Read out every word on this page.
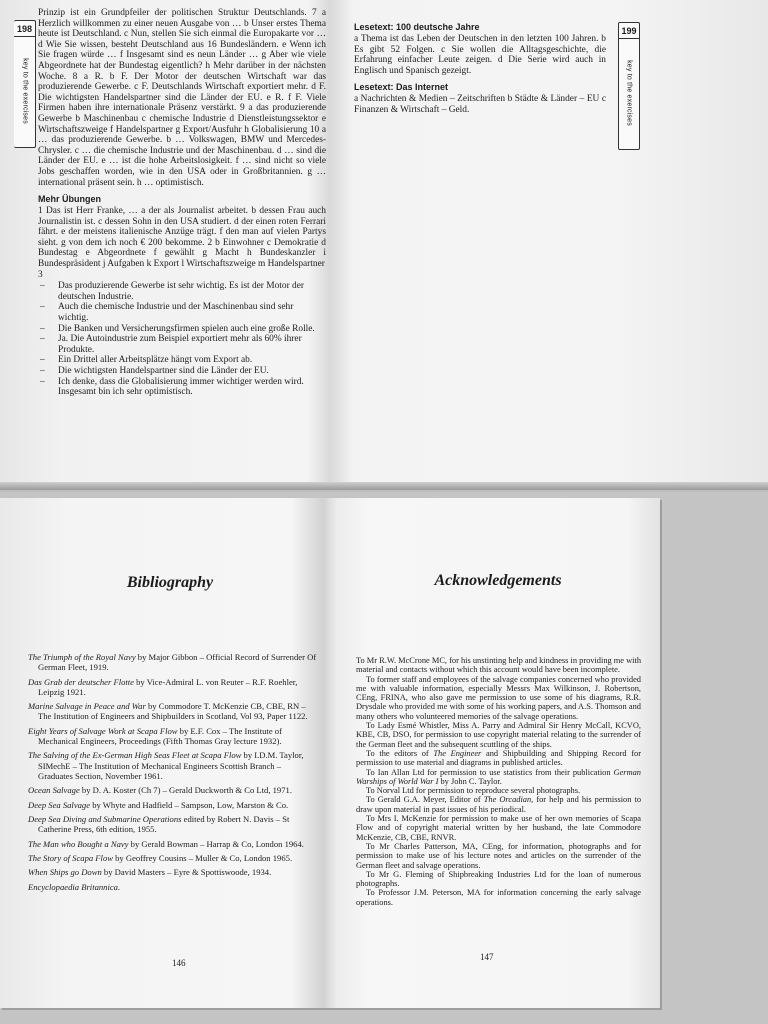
198
key to the exercises

Prinzip ist ein Grundpfeiler der politischen Struktur Deutschlands. 7 a Herzlich willkommen zu einer neuen Ausgabe von … b Unser erstes Thema heute ist Deutschland. c Nun, stellen Sie sich einmal die Europakarte vor … d Wie Sie wissen, besteht Deutschland aus 16 Bundesländern. e Wenn ich Sie fragen würde … f Insgesamt sind es neun Länder … g Aber wie viele Abgeordnete hat der Bundestag eigentlich? h Mehr darüber in der nächsten Woche. 8 a R. b F. Der Motor der deutschen Wirtschaft war das produzierende Gewerbe. c F. Deutschlands Wirtschaft exportiert mehr. d F. Die wichtigsten Handelspartner sind die Länder der EU. e R. f F. Viele Firmen haben ihre internationale Präsenz verstärkt. 9 a das produzierende Gewerbe b Maschinenbau c chemische Industrie d Dienstleistungssektor e Wirtschaftszweige f Handelspartner g Export/Ausfuhr h Globalisierung 10 a … das produzierende Gewerbe. b … Volkswagen, BMW und Mercedes-Chrysler. c … die chemische Industrie und der Maschinenbau. d … sind die Länder der EU. e … ist die hohe Arbeitslosigkeit. f … sind nicht so viele Jobs geschaffen worden, wie in den USA oder in Großbritannien. g … international präsent sein. h … optimistisch.

Mehr Übungen

1 Das ist Herr Franke, … a der als Journalist arbeitet. b dessen Frau auch Journalistin ist. c dessen Sohn in den USA studiert. d der einen roten Ferrari fährt. e der meistens italienische Anzüge trägt. f den man auf vielen Partys sieht. g von dem ich noch € 200 bekomme. 2 b Einwohner c Demokratie d Bundestag e Abgeordnete f gewählt g Macht h Bundeskanzler i Bundespräsident j Aufgaben k Export l Wirtschaftszweige m Handelspartner

3

– Das produzierende Gewerbe ist sehr wichtig. Es ist der Motor der deutschen Industrie.
– Auch die chemische Industrie und der Maschinenbau sind sehr wichtig.
– Die Banken und Versicherungsfirmen spielen auch eine große Rolle.
– Ja. Die Autoindustrie zum Beispiel exportiert mehr als 60% ihrer Produkte.
– Ein Drittel aller Arbeitsplätze hängt vom Export ab.
– Die wichtigsten Handelspartner sind die Länder der EU.
– Ich denke, dass die Globalisierung immer wichtiger werden wird. Insgesamt bin ich sehr optimistisch.
Lesetext: 100 deutsche Jahre

a Thema ist das Leben der Deutschen in den letzten 100 Jahren. b Es gibt 52 Folgen. c Sie wollen die Alltagsgeschichte, die Erfahrung einfacher Leute zeigen. d Die Serie wird auch in Englisch und Spanisch gezeigt.

Lesetext: Das Internet

a Nachrichten & Medien – Zeitschriften b Städte & Länder – EU c Finanzen & Wirtschaft – Geld.

199
key to the exercises
Bibliography
The Triumph of the Royal Navy by Major Gibbon – Official Record of Surrender Of German Fleet, 1919.
Das Grab der deutscher Flotte by Vice-Admiral L. von Reuter – R.F. Roehler, Leipzig 1921.
Marine Salvage in Peace and War by Commodore T. McKenzie CB, CBE, RN – The Institution of Engineers and Shipbuilders in Scotland, Vol 93, Paper 1122.
Eight Years of Salvage Work at Scapa Flow by E.F. Cox – The Institute of Mechanical Engineers, Proceedings (Fifth Thomas Gray lecture 1932).
The Salving of the Ex-German High Seas Fleet at Scapa Flow by I.D.M. Taylor, SIMechE – The Institution of Mechanical Engineers Scottish Branch – Graduates Section, November 1961.
Ocean Salvage by D. A. Koster (Ch 7) – Gerald Duckworth & Co Ltd, 1971.
Deep Sea Salvage by Whyte and Hadfield – Sampson, Low, Marston & Co.
Deep Sea Diving and Submarine Operations edited by Robert N. Davis – St Catherine Press, 6th edition, 1955.
The Man who Bought a Navy by Gerald Bowman – Harrap & Co, London 1964.
The Story of Scapa Flow by Geoffrey Cousins – Muller & Co, London 1965.
When Ships go Down by David Masters – Eyre & Spottiswoode, 1934.
Encyclopaedia Britannica.
146
Acknowledgements
To Mr R.W. McCrone MC, for his unstinting help and kindness in providing me with material and contacts without which this account would have been incomplete.
To former staff and employees of the salvage companies concerned who provided me with valuable information, especially Messrs Max Wilkinson, J. Robertson, CEng, FRINA, who also gave me permission to use some of his diagrams, R.R. Drysdale who provided me with some of his working papers, and A.S. Thomson and many others who volunteered memories of the salvage operations.
To Lady Esmé Whistler, Miss A. Parry and Admiral Sir Henry McCall, KCVO, KBE, CB, DSO, for permission to use copyright material relating to the surrender of the German fleet and the subsequent scuttling of the ships.
To the editors of The Engineer and Shipbuilding and Shipping Record for permission to use material and diagrams in published articles.
To Ian Allan Ltd for permission to use statistics from their publication German Warships of World War I by John C. Taylor.
To Norval Ltd for permission to reproduce several photographs.
To Gerald G.A. Meyer, Editor of The Orcadian, for help and his permission to draw upon material in past issues of his periodical.
To Mrs I. McKenzie for permission to make use of her own memories of Scapa Flow and of copyright material written by her husband, the late Commodore McKenzie, CB, CBE, RNVR.
To Mr Charles Patterson, MA, CEng, for information, photographs and for permission to make use of his lecture notes and articles on the surrender of the German fleet and salvage operations.
To Mr G. Fleming of Shipbreaking Industries Ltd for the loan of numerous photographs.
To Professor J.M. Peterson, MA for information concerning the early salvage operations.
147
